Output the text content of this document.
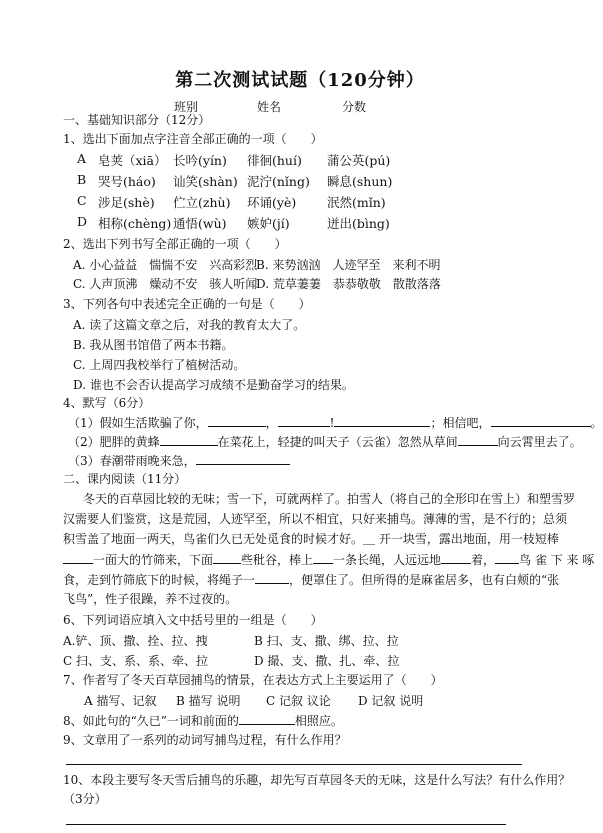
第二次测试试题（120分钟）
班别	姓名	分数
一、基础知识部分（12分）
1、选出下面加点字注音全部正确的一项（　　）
A 皂荚（xiā） 长吟(yín) 徘徊(huí) 蒲公英(pú)
B 哭号(háo) 讪笑(shàn) 泥泞(nǐng) 瞬息(shun)
C 涉足(shè) 伫立(zhù) 环诵(yè) 泯然(mǐn)
D 相称(chèng) 通悟(wù) 嫉妒(jí)	迸出(bìng)
2、选出下列书写全部正确的一项（　　）
A. 小心益益　惴惴不安　兴高彩烈
B. 来势汹汹　人迹罕至　来利不明
C. 人声顶沸　燥动不安　骇人听闻
D. 荒草萋萋　恭恭敬敬　散散落落
3、下列各句中表述完全正确的一句是（　　）
A. 读了这篇文章之后，对我的教育太大了。
B. 我从图书馆借了两本书籍。
C. 上周四我校举行了植树活动。
D. 谁也不会否认提高学习成绩不是勤奋学习的结果。
4、默写（6分）
（1）假如生活欺骗了你，	，	!	；相信吧，	。
（2）肥胖的黄蜂	在菜花上，轻捷的叫天子（云雀）忽然从草间	向云霄里去了。
（3）春潮带雨晚来急，
二、课内阅读（11分）
冬天的百草园比较的无味；雪一下，可就两样了。拍雪人（将自己的全形印在雪上）和塑雪罗
汉需要人们鉴赏，这是荒园，人迹罕至，所以不相宜，只好来捕鸟。薄薄的雪，是不行的；总须
积雪盖了地面一两天，鸟雀们久已无处觅食的时候才好。＿ 开一块雪，露出地面，用一枝短棒
一面大的竹筛来，下面 些秕谷，棒上 一条长绳，人远远地	着， 鸟 雀 下 来 啄
食，走到竹筛底下的时候，将绳子一	，便罩住了。但所得的是麻雀居多，也有白颊的“张
飞鸟”，性子很躁，养不过夜的。
6、下列词语应填入文中括号里的一组是（　　）
A.铲、顶、撒、拴、拉、拽	B 扫、支、撒、绑、拉、拉
C 扫、支、系、系、牵、拉	D 撮、支、撒、扎、牵、拉
7、作者写了冬天百草园捕鸟的情景，在表达方式上主要运用了（　　）
A 描写、记叙 B 描写 说明 C 记叙 议论 D 记叙 说明
8、如此句的“久已”一词和前面的	相照应。
9、文章用了一系列的动词写捕鸟过程，有什么作用？
10、本段主要写冬天雪后捕鸟的乐趣，却先写百草园冬天的无味，这是什么写法？有什么作用？
（3分）
